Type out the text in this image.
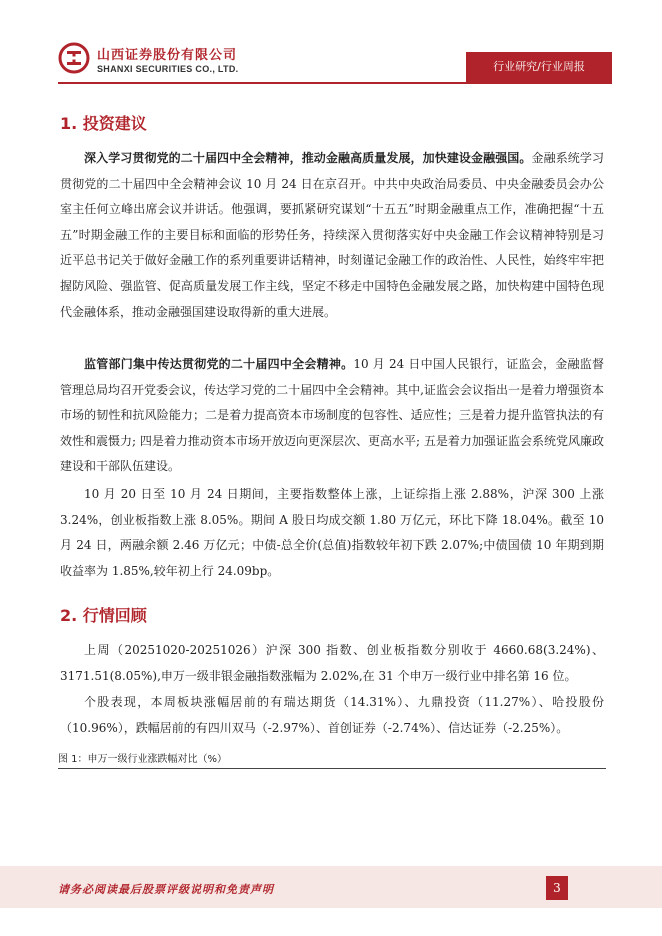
山西证券股份有限公司
SHANXI SECURITIES CO., LTD.	行业研究/行业周报
1. 投资建议

深入学习贯彻党的二十届四中全会精神，推动金融高质量发展，加快建设金融强国。金融系统学习贯彻党的二十届四中全会精神会议 10 月 24 日在京召开。中共中央政治局委员、中央金融委员会办公室主任何立峰出席会议并讲话。他强调，要抓紧研究谋划“十五五”时期金融重点工作，准确把握“十五五”时期金融工作的主要目标和面临的形势任务，持续深入贯彻落实好中央金融工作会议精神特别是习近平总书记关于做好金融工作的系列重要讲话精神，时刻谨记金融工作的政治性、人民性，始终牢牢把握防风险、强监管、促高质量发展工作主线，坚定不移走中国特色金融发展之路，加快构建中国特色现代金融体系，推动金融强国建设取得新的重大进展。

监管部门集中传达贯彻党的二十届四中全会精神。10 月 24 日中国人民银行，证监会，金融监督管理总局均召开党委会议，传达学习党的二十届四中全会精神。其中,证监会会议指出一是着力增强资本市场的韧性和抗风险能力；二是着力提高资本市场制度的包容性、适应性；三是着力提升监管执法的有效性和震慑力; 四是着力推动资本市场开放迈向更深层次、更高水平; 五是着力加强证监会系统党风廉政建设和干部队伍建设。

10 月 20 日至 10 月 24 日期间，主要指数整体上涨，上证综指上涨 2.88%，沪深 300 上涨 3.24%，创业板指数上涨 8.05%。期间 A 股日均成交额 1.80 万亿元，环比下降 18.04%。截至 10 月 24 日，两融余额 2.46 万亿元；中债-总全价(总值)指数较年初下跌 2.07%;中债国债 10 年期到期收益率为 1.85%,较年初上行 24.09bp。

2. 行情回顾

上周（20251020-20251026）沪深 300 指数、创业板指数分别收于 4660.68(3.24%)、3171.51(8.05%),申万一级非银金融指数涨幅为 2.02%,在 31 个申万一级行业中排名第 16 位。

个股表现，本周板块涨幅居前的有瑞达期货（14.31%）、九鼎投资（11.27%）、哈投股份（10.96%），跌幅居前的有四川双马（-2.97%）、首创证券（-2.74%）、信达证券（-2.25%）。

图 1：申万一级行业涨跌幅对比（%）
请务必阅读最后股票评级说明和免责声明	3
